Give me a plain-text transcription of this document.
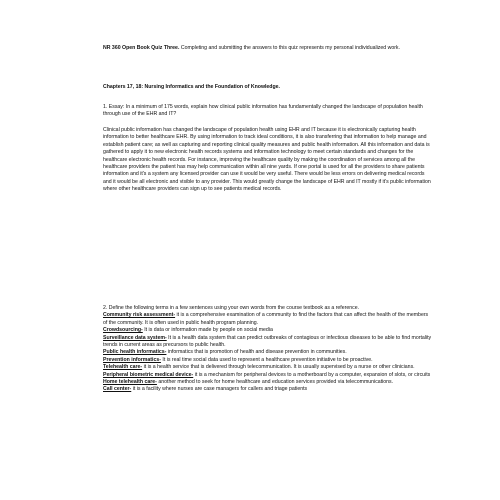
NR 360 Open Book Quiz Three. Completing and submitting the answers to this quiz represents my personal individualized work.
Chapters 17, 18: Nursing Informatics and the Foundation of Knowledge.
1. Essay: In a minimum of 175 words, explain how clinical public information has fundamentally changed the landscape of population health through use of the EHR and IT?
Clinical public information has changed the landscape of population health using EHR and IT because it is electronically capturing health information to better healthcare EHR. By using information to track ideal conditions, it is also transferring that information to help manage and establish patient care; as well as capturing and reporting clinical quality measures and public health information. All this information and data is gathered to apply it to new electronic health records systems and information technology to meet certain standards and changes for the healthcare electronic health records. For instance, improving the healthcare quality by making the coordination of services among all the healthcare providers the patient has may help communication within all nine yards. If one portal is used for all the providers to share patients information and it's a system any licensed provider can use it would be very useful. There would be less errors on delivering medical records and it would be all electronic and visible to any provider. This would greatly change the landscape of EHR and IT mostly if it's public information where other healthcare providers can sign up to see patients medical records.
2. Define the following terms in a few sentences using your own words from the course textbook as a reference.

Community risk assessment- it is a comprehensive examination of a community to find the factors that can affect the health of the members of the community. It is often used in public health program planning.

Crowdsourcing- It is data or information made by people on social media

Surveillance data system- It is a health data system that can predict outbreaks of contagious or infectious diseases to be able to find mortality trends in current areas as precursors to public health.

Public health informatics- informatics that is promotion of health and disease prevention in communities.

Prevention informatics- It is real time social data used to represent a healthcare prevention initiative to be proactive.

Telehealth care- it is a health service that is delivered through telecommunication. It is usually supervised by a nurse or other clinicians.

Peripheral biometric medical device- it is a mechanism for peripheral devices to a motherboard by a computer, expansion of slots, or circuits

Home telehealth care- another method to seek for home healthcare and education services provided via telecommunications.

Call center- it is a facility where nurses are case managers for callers and triage patients
